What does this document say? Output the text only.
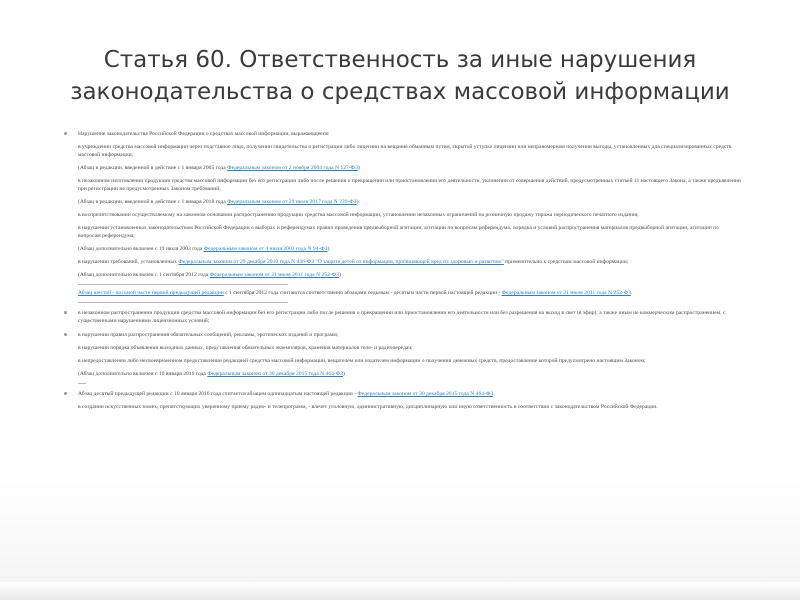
Статья 60. Ответственность за иные нарушения законодательства о средствах массовой информации

Нарушение законодательства Российской Федерации о средствах массовой информации, выражающееся:

в учреждении средства массовой информации через подставное лицо, получении свидетельства о регистрации либо лицензии на вещание обманным путем, скрытой уступке лицензии или неправомерном получении выгоды, установленных для специализированных средств массовой информации;

(Абзац в редакции, введенной в действие с 1 января 2005 года Федеральным законом от 2 ноября 2004 года N 127-ФЗ)

в незаконном изготовлении продукции средства массовой информации без его регистрации либо после решения о прекращении или приостановлении его деятельности, уклонении от совершения действий, предусмотренных статьей 11 настоящего Закона, а также предъявлении при регистрации не предусмотренных Законом требований;

(Абзац в редакции, введенной в действие с 1 января 2018 года Федеральным законом от 29 июля 2017 года N 239-ФЗ)

в воспрепятствовании осуществляемому на законном основании распространению продукции средства массовой информации, установлении незаконных ограничений на розничную продажу тиража периодического печатного издания;

в нарушении установленных законодательством Российской Федерации о выборах и референдумах правил проведения предвыборной агитации, агитации по вопросам референдума, порядка и условий распространения материалов предвыборной агитации, агитации по вопросам референдума;

(Абзац дополнительно включен с 19 июля 2003 года Федеральным законом от 4 июля 2003 года N 94-ФЗ)

в нарушении требований, установленных Федеральным законом от 29 декабря 2010 года N 436-ФЗ "О защите детей от информации, причиняющей вред их здоровью и развитию" применительно к средствам массовой информации;

(Абзац дополнительно включен с 1 сентября 2012 года Федеральным законом от 21 июля 2011 года N 252-ФЗ)

Абзац шестой - восьмой части первой предыдущей редакции с 1 сентября 2012 года считаются соответственно абзацами седьмым - десятым части первой настоящей редакции - Федеральным законом от 21 июля 2011 года N 252-ФЗ.

в незаконном распространении продукции средства массовой информации без его регистрации либо после решения о прекращении или приостановлении его деятельности или без разрешения на выход в свет (в эфир), а также иным не коммерческим распространением, с существенными нарушениями лицензионных условий;

в нарушении правил распространения обязательных сообщений, рекламы, эротических изданий и программ;

в нарушении порядка объявления выходных данных, представления обязательных экземпляров, хранения материалов теле- и радиопередач;

в непредоставлении либо несвоевременном предоставлении редакцией средства массовой информации, вещателем или издателем информации о получении денежных средств, предоставление которой предусмотрено настоящим Законом;

(Абзац дополнительно включен с 10 января 2016 года Федеральным законом от 30 декабря 2015 года N 464-ФЗ)

Абзац десятый предыдущей редакции с 10 января 2016 года считается абзацем одиннадцатым настоящей редакции - Федеральным законом от 30 декабря 2015 года N 464-ФЗ.

в создании искусственных помех, препятствующих уверенному приему радио- и телепрограмм, - влечет уголовную, административную, дисциплинарную или иную ответственность в соответствии с законодательством Российской Федерации.
